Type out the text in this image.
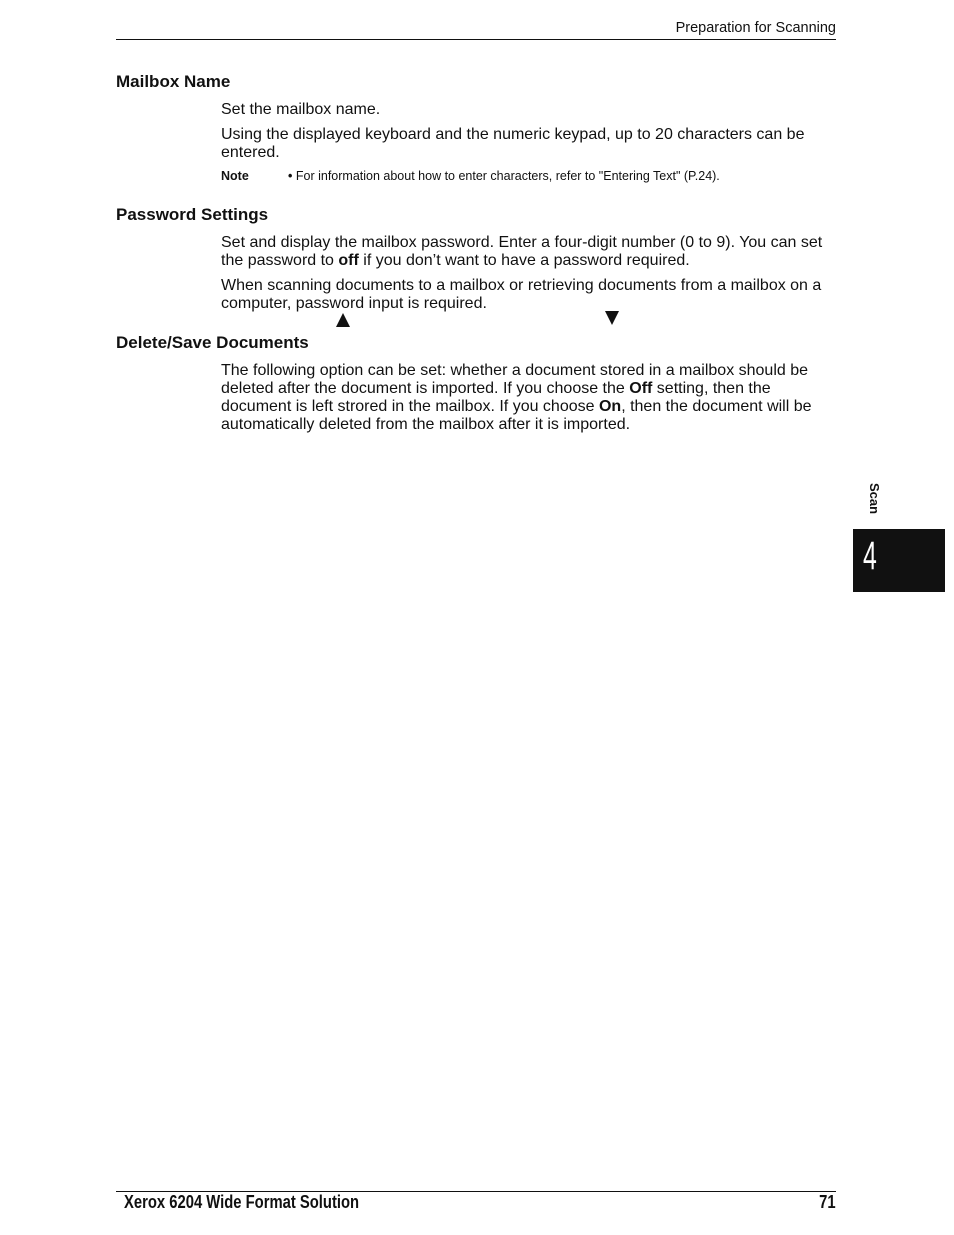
Preparation for Scanning
Mailbox Name

Set the mailbox name.

Using the displayed keyboard and the numeric keypad, up to 20 characters can be entered.

Note	• For information about how to enter characters, refer to "Entering Text" (P.24).
Password Settings

Set and display the mailbox password. Enter a four-digit number (0 to 9). You can set the password to off if you don’t want to have a password required.

When scanning documents to a mailbox or retrieving documents from a mailbox on a computer, password input is required.

Delete/Save Documents

The following option can be set: whether a document stored in a mailbox should be deleted after the document is imported. If you choose the Off setting, then the document is left strored in the mailbox. If you choose On, then the document will be automatically deleted from the mailbox after it is imported.

Scan
4
Xerox 6204 Wide Format Solution	71
